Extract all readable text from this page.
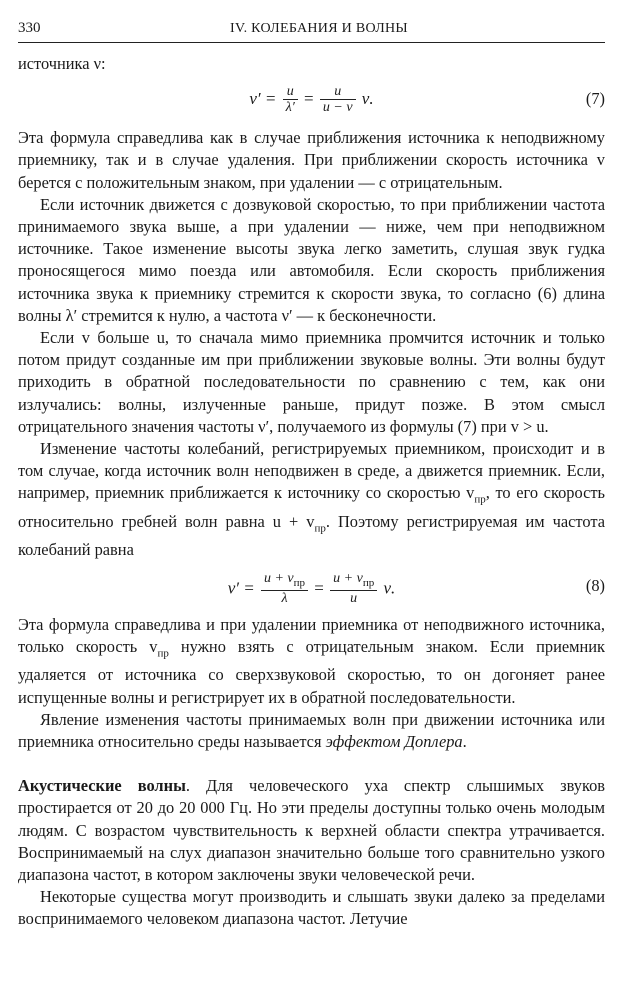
330	IV. КОЛЕБАНИЯ И ВОЛНЫ

источника ν:

$\nu' = \frac{u}{\lambda'} = \frac{u}{u - v} \nu$.	(7)

Эта формула справедлива как в случае приближения источника к неподвижному приемнику, так и в случае удаления. При приближении скорость источника v берется с положительным знаком, при удалении — с отрицательным.

Если источник движется с дозвуковой скоростью, то при приближении частота принимаемого звука выше, а при удалении — ниже, чем при неподвижном источнике. Такое изменение высоты звука легко заметить, слушая звук гудка проносящегося мимо поезда или автомобиля. Если скорость приближения источника звука к приемнику стремится к скорости звука, то согласно (6) длина волны λ′ стремится к нулю, а частота ν′ — к бесконечности.

Если v больше u, то сначала мимо приемника промчится источник и только потом придут созданные им при приближении звуковые волны. Эти волны будут приходить в обратной последовательности по сравнению с тем, как они излучались: волны, излученные раньше, придут позже. В этом смысл отрицательного значения частоты ν′, получаемого из формулы (7) при v > u.

Изменение частоты колебаний, регистрируемых приемником, происходит и в том случае, когда источник волн неподвижен в среде, а движется приемник. Если, например, приемник приближается к источнику со скоростью $v_{пр}$, то его скорость относительно гребней волн равна $u + v_{пр}$. Поэтому регистрируемая им частота колебаний равна

$\nu' = \frac{u + v_{пр}}{\lambda} = \frac{u + v_{пр}}{u} \nu$.	(8)

Эта формула справедлива и при удалении приемника от неподвижного источника, только скорость $v_{пр}$ нужно взять с отрицательным знаком. Если приемник удаляется от источника со сверхзвуковой скоростью, то он догоняет ранее испущенные волны и регистрирует их в обратной последовательности.

Явление изменения частоты принимаемых волн при движении источника или приемника относительно среды называется эффектом Доплера.

Акустические волны. Для человеческого уха спектр слышимых звуков простирается от 20 до 20 000 Гц. Но эти пределы доступны только очень молодым людям. С возрастом чувствительность к верхней области спектра утрачивается. Воспринимаемый на слух диапазон значительно больше того сравнительно узкого диапазона частот, в котором заключены звуки человеческой речи.

Некоторые существа могут производить и слышать звуки далеко за пределами воспринимаемого человеком диапазона частот. Летучие
